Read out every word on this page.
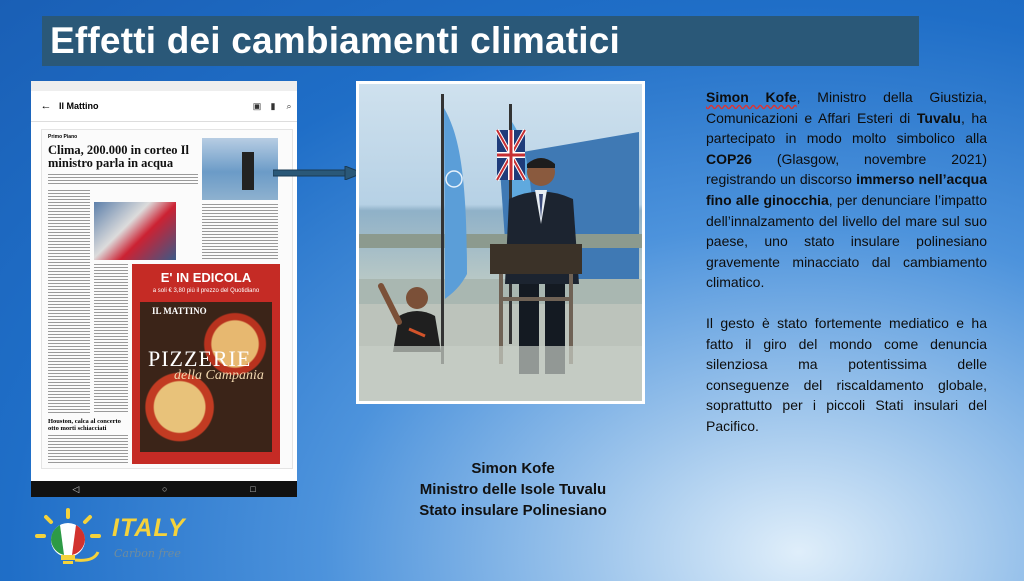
Effetti dei cambiamenti climatici
← Il Mattino	▣	▮	⌕
Primo Piano
Clima, 200.000 in corteo Il ministro parla in acqua
E' IN EDICOLA
a soli € 3,80 più il prezzo del Quotidiano
IL MATTINO
PIZZERIE
della Campania
Houston, calca al concerto otto morti schiacciati
◁	○	□
Simon Kofe
Ministro delle Isole Tuvalu
Stato insulare Polinesiano

Simon Kofe, Ministro della Giustizia, Comunicazioni e Affari Esteri di Tuvalu, ha partecipato in modo molto simbolico alla COP26 (Glasgow, novembre 2021) registrando un discorso immerso nell’acqua fino alle ginocchia, per denunciare l’impatto dell’innalzamento del livello del mare sul suo paese, uno stato insulare polinesiano gravemente minacciato dal cambiamento climatico.

Il gesto è stato fortemente mediatico e ha fatto il giro del mondo come denuncia silenziosa ma potentissima delle conseguenze del riscaldamento globale, soprattutto per i piccoli Stati insulari del Pacifico.

ITALY
Carbon free
